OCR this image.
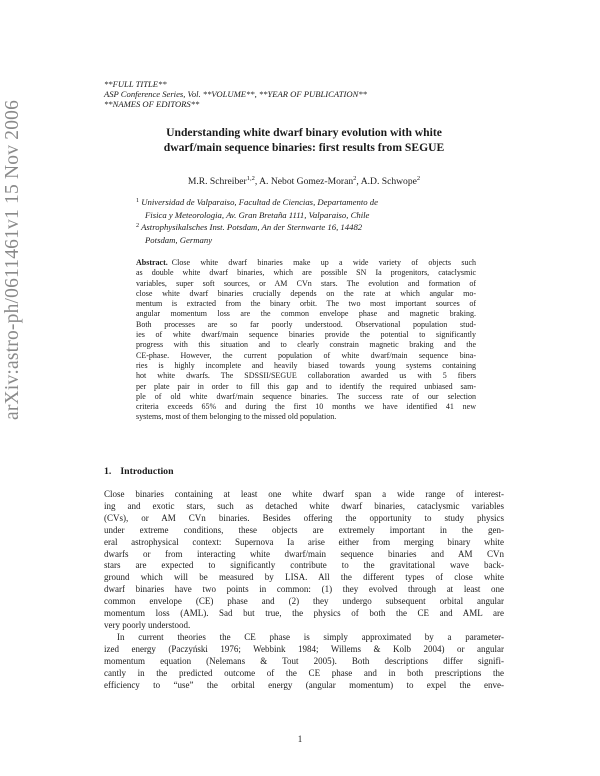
arXiv:astro-ph/0611461v1 15 Nov 2006
**FULL TITLE**
ASP Conference Series, Vol. **VOLUME**, **YEAR OF PUBLICATION**
**NAMES OF EDITORS**
Understanding white dwarf binary evolution with white
dwarf/main sequence binaries: first results from SEGUE
M.R. Schreiber$^{1,2}$, A. Nebot Gomez-Moran$^2$, A.D. Schwope$^2$
$^1$ Universidad de Valparaiso, Facultad de Ciencias, Departamento de
Fisica y Meteorologia, Av. Gran Bretaña 1111, Valparaiso, Chile
$^2$ Astrophysikalsches Inst. Potsdam, An der Sternwarte 16, 14482
Potsdam, Germany
Abstract. Close white dwarf binaries make up a wide variety of objects such
as double white dwarf binaries, which are possible SN Ia progenitors, cataclysmic
variables, super soft sources, or AM CVn stars. The evolution and formation of
close white dwarf binaries crucially depends on the rate at which angular mo-
mentum is extracted from the binary orbit. The two most important sources of
angular momentum loss are the common envelope phase and magnetic braking.
Both processes are so far poorly understood. Observational population stud-
ies of white dwarf/main sequence binaries provide the potential to significantly
progress with this situation and to clearly constrain magnetic braking and the
CE-phase. However, the current population of white dwarf/main sequence bina-
ries is highly incomplete and heavily biased towards young systems containing
hot white dwarfs. The SDSSII/SEGUE collaboration awarded us with 5 fibers
per plate pair in order to fill this gap and to identify the required unbiased sam-
ple of old white dwarf/main sequence binaries. The success rate of our selection
criteria exceeds 65% and during the first 10 months we have identified 41 new
systems, most of them belonging to the missed old population.
1. Introduction
Close binaries containing at least one white dwarf span a wide range of interest-
ing and exotic stars, such as detached white dwarf binaries, cataclysmic variables
(CVs), or AM CVn binaries. Besides offering the opportunity to study physics
under extreme conditions, these objects are extremely important in the gen-
eral astrophysical context: Supernova Ia arise either from merging binary white
dwarfs or from interacting white dwarf/main sequence binaries and AM CVn
stars are expected to significantly contribute to the gravitational wave back-
ground which will be measured by LISA. All the different types of close white
dwarf binaries have two points in common: (1) they evolved through at least one
common envelope (CE) phase and (2) they undergo subsequent orbital angular
momentum loss (AML). Sad but true, the physics of both the CE and AML are
very poorly understood.
In current theories the CE phase is simply approximated by a parameter-
ized energy (Paczyński 1976; Webbink 1984; Willems & Kolb 2004) or angular
momentum equation (Nelemans & Tout 2005). Both descriptions differ signifi-
cantly in the predicted outcome of the CE phase and in both prescriptions the
efficiency to “use” the orbital energy (angular momentum) to expel the enve-
1
